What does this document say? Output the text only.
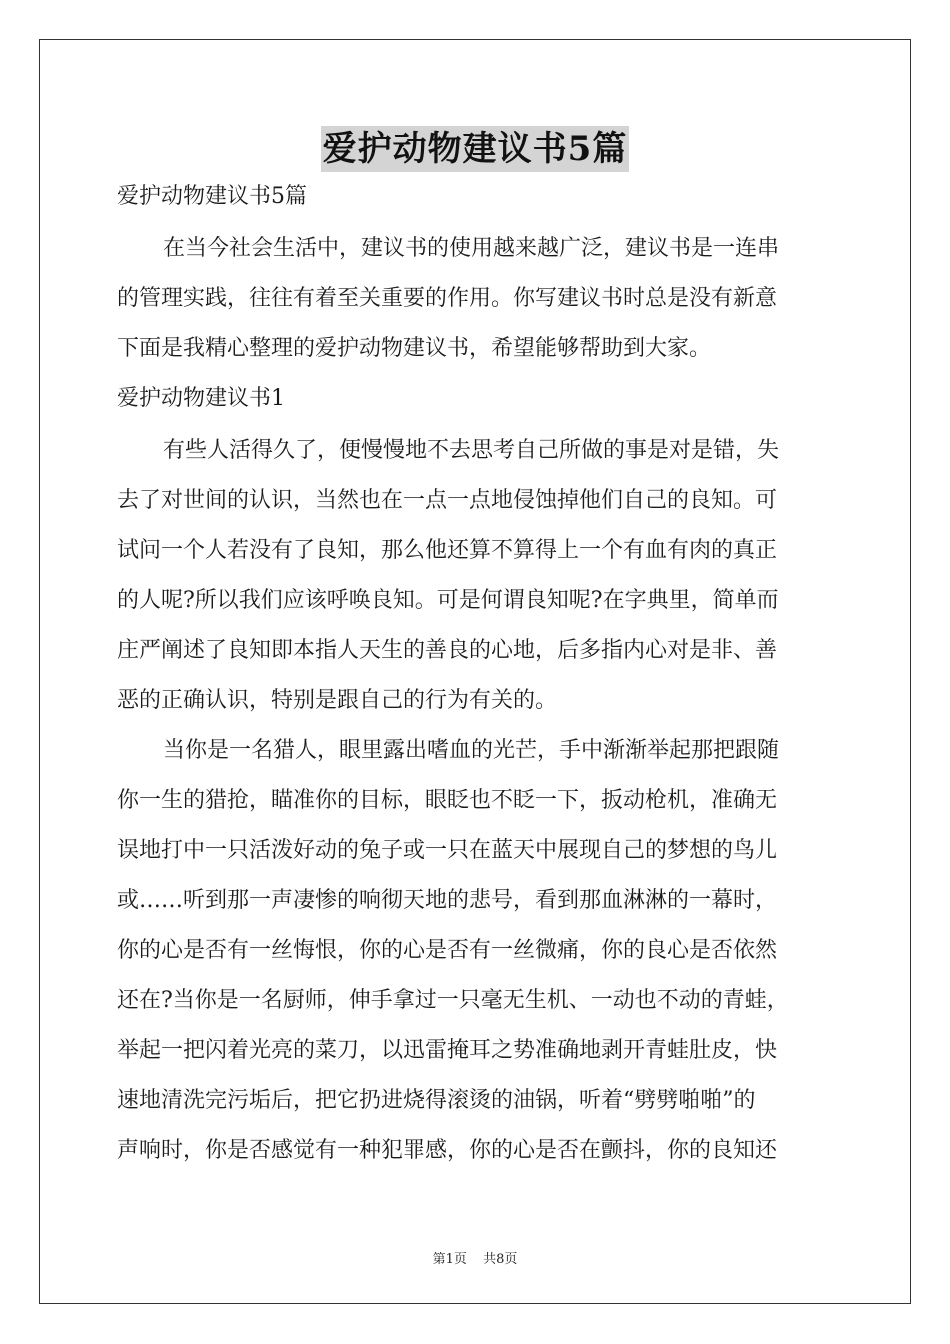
爱护动物建议书5篇
爱护动物建议书5篇
在当今社会生活中，建议书的使用越来越广泛，建议书是一连串
的管理实践，往往有着至关重要的作用。你写建议书时总是没有新意
下面是我精心整理的爱护动物建议书，希望能够帮助到大家。
爱护动物建议书1
有些人活得久了，便慢慢地不去思考自己所做的事是对是错，失
去了对世间的认识，当然也在一点一点地侵蚀掉他们自己的良知。可
试问一个人若没有了良知，那么他还算不算得上一个有血有肉的真正
的人呢?所以我们应该呼唤良知。可是何谓良知呢?在字典里，简单而
庄严阐述了良知即本指人天生的善良的心地，后多指内心对是非、善
恶的正确认识，特别是跟自己的行为有关的。
当你是一名猎人，眼里露出嗜血的光芒，手中渐渐举起那把跟随
你一生的猎抢，瞄准你的目标，眼眨也不眨一下，扳动枪机，准确无
误地打中一只活泼好动的兔子或一只在蓝天中展现自己的梦想的鸟儿
或……听到那一声凄惨的响彻天地的悲号，看到那血淋淋的一幕时，
你的心是否有一丝悔恨，你的心是否有一丝微痛，你的良心是否依然
还在?当你是一名厨师，伸手拿过一只毫无生机、一动也不动的青蛙，
举起一把闪着光亮的菜刀，以迅雷掩耳之势准确地剥开青蛙肚皮，快
速地清洗完污垢后，把它扔进烧得滚烫的油锅，听着“劈劈啪啪”的
声响时，你是否感觉有一种犯罪感，你的心是否在颤抖，你的良知还
第1页 共8页
